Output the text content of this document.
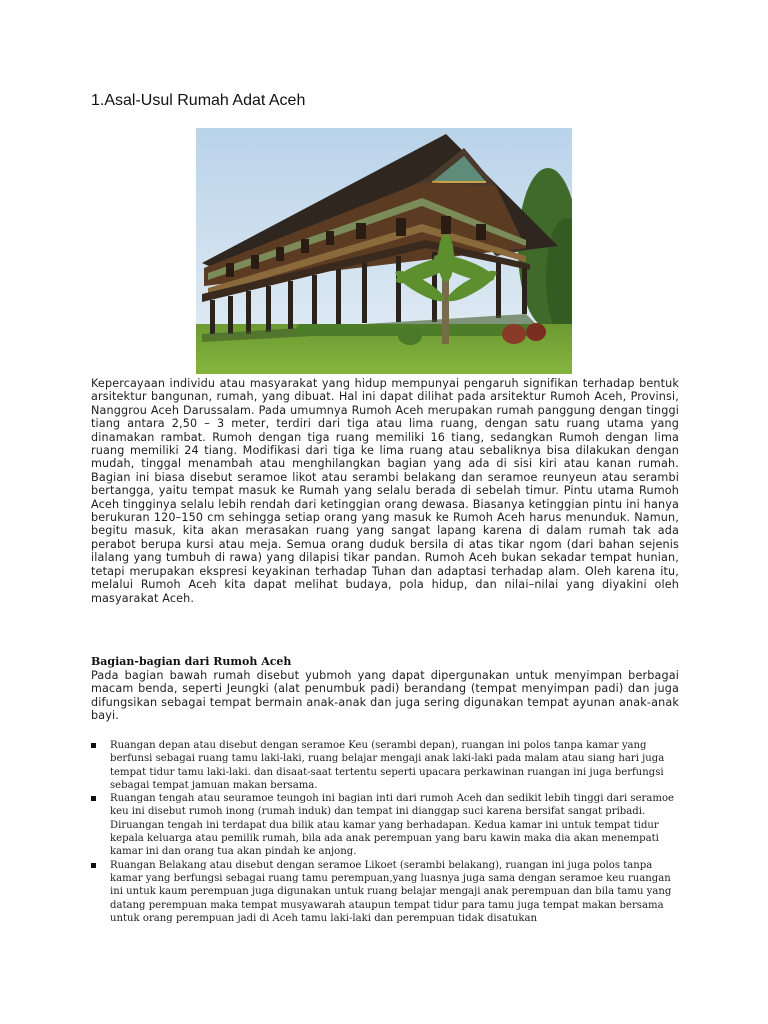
1.Asal-Usul Rumah Adat Aceh

Kepercayaan individu atau masyarakat yang hidup mempunyai pengaruh signifikan terhadap bentuk arsitektur bangunan, rumah, yang dibuat. Hal ini dapat dilihat pada arsitektur Rumoh Aceh, Provinsi, Nanggrou Aceh Darussalam. Pada umumnya Rumoh Aceh merupakan rumah panggung dengan tinggi tiang antara 2,50 – 3 meter, terdiri dari tiga atau lima ruang, dengan satu ruang utama yang dinamakan rambat. Rumoh dengan tiga ruang memiliki 16 tiang, sedangkan Rumoh dengan lima ruang memiliki 24 tiang. Modifikasi dari tiga ke lima ruang atau sebaliknya bisa dilakukan dengan mudah, tinggal menambah atau menghilangkan bagian yang ada di sisi kiri atau kanan rumah. Bagian ini biasa disebut seramoe likot atau serambi belakang dan seramoe reunyeun atau serambi bertangga, yaitu tempat masuk ke Rumah yang selalu berada di sebelah timur. Pintu utama Rumoh Aceh tingginya selalu lebih rendah dari ketinggian orang dewasa. Biasanya ketinggian pintu ini hanya berukuran 120–150 cm sehingga setiap orang yang masuk ke Rumoh Aceh harus menunduk. Namun, begitu masuk, kita akan merasakan ruang yang sangat lapang karena di dalam rumah tak ada perabot berupa kursi atau meja. Semua orang duduk bersila di atas tikar ngom (dari bahan sejenis ilalang yang tumbuh di rawa) yang dilapisi tikar pandan. Rumoh Aceh bukan sekadar tempat hunian, tetapi merupakan ekspresi keyakinan terhadap Tuhan dan adaptasi terhadap alam. Oleh karena itu, melalui Rumoh Aceh kita dapat melihat budaya, pola hidup, dan nilai–nilai yang diyakini oleh masyarakat Aceh.

Bagian-bagian dari Rumoh Aceh

Pada bagian bawah rumah disebut yubmoh yang dapat dipergunakan untuk menyimpan berbagai macam benda, seperti Jeungki (alat penumbuk padi) berandang (tempat menyimpan padi) dan juga difungsikan sebagai tempat bermain anak-anak dan juga sering digunakan tempat ayunan anak-anak bayi.

Ruangan depan atau disebut dengan seramoe Keu (serambi depan), ruangan ini polos tanpa kamar yang berfunsi sebagai ruang tamu laki-laki, ruang belajar mengaji anak laki-laki pada malam atau siang hari juga tempat tidur tamu laki-laki. dan disaat-saat tertentu seperti upacara perkawinan ruangan ini juga berfungsi sebagai tempat jamuan makan bersama.
Ruangan tengah atau seuramoe teungoh ini bagian inti dari rumoh Aceh dan sedikit lebih tinggi dari seramoe keu ini disebut rumoh inong (rumah induk) dan tempat ini dianggap suci karena bersifat sangat pribadi. Diruangan tengah ini terdapat dua bilik atau kamar yang berhadapan. Kedua kamar ini untuk tempat tidur kepala keluarga atau pemilik rumah, bila ada anak perempuan yang baru kawin maka dia akan menempati kamar ini dan orang tua akan pindah ke anjong.
Ruangan Belakang atau disebut dengan seramoe Likoet (serambi belakang), ruangan ini juga polos tanpa kamar yang berfungsi sebagai ruang tamu perempuan,yang luasnya juga sama dengan seramoe keu ruangan ini untuk kaum perempuan juga digunakan untuk ruang belajar mengaji anak perempuan dan bila tamu yang datang perempuan maka tempat musyawarah ataupun tempat tidur para tamu juga tempat makan bersama untuk orang perempuan jadi di Aceh tamu laki-laki dan perempuan tidak disatukan
